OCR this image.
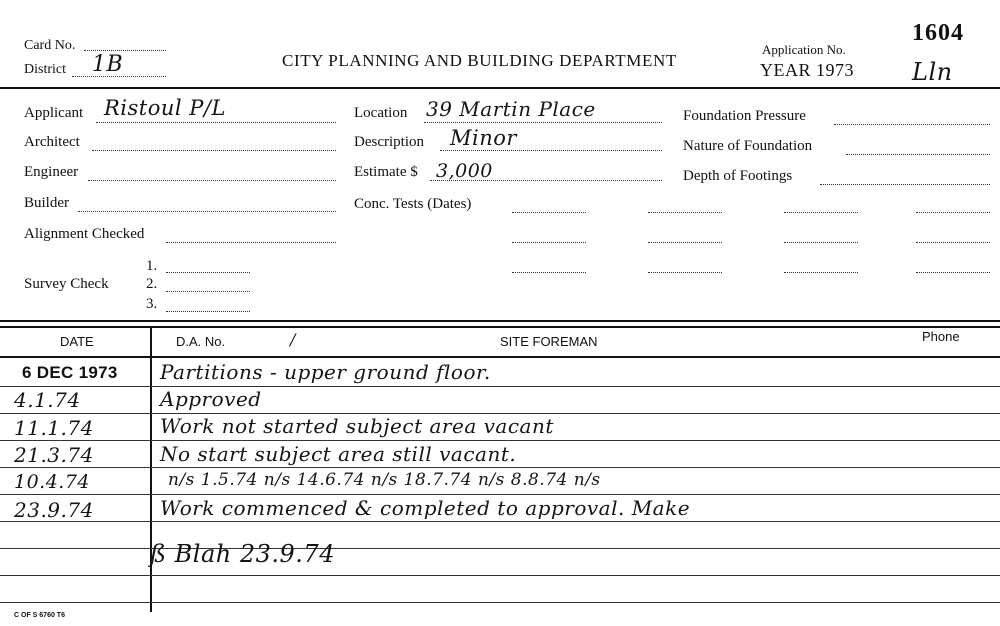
Card No.
District 1B	CITY PLANNING AND BUILDING DEPARTMENT
Application No.
YEAR 1973
1604
Lln
Applicant Ristoul P/L
Architect
Engineer
Builder
Alignment Checked
Survey Check
1.
2.
3.
Location 39 Martin Place
Description Minor
Estimate $ 3,000
Conc. Tests (Dates)
Foundation Pressure
Nature of Foundation
Depth of Footings
DATE	D.A. No.	/	SITE FOREMAN	Phone
6 DEC 1973 Partitions - upper ground floor.
4.1.74	Approved
11.1.74	Work not started subject area vacant
21.3.74	No start subject area still vacant.
10.4.74	n/s 1.5.74 n/s 14.6.74 n/s 18.7.74 n/s 8.8.74 n/s
23.9.74	Work commenced & completed to approval. Make
ß Blah 23.9.74
C OF S 6760 T6
